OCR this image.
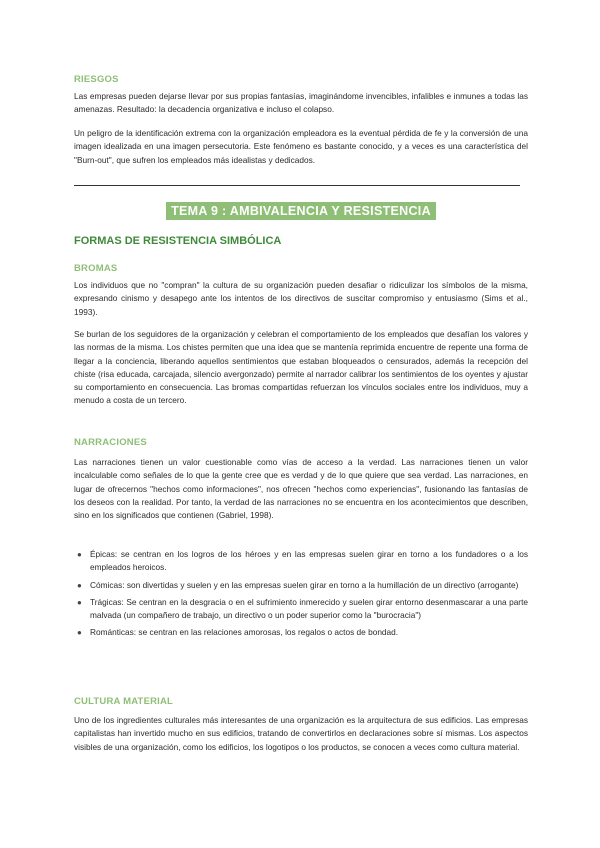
RIESGOS

Las empresas pueden dejarse llevar por sus propias fantasías, imaginándome invencibles, infalibles e inmunes a todas las amenazas. Resultado: la decadencia organizativa e incluso el colapso.

Un peligro de la identificación extrema con la organización empleadora es la eventual pérdida de fe y la conversión de una imagen idealizada en una imagen persecutoria. Este fenómeno es bastante conocido, y a veces es una característica del "Burn-out", que sufren los empleados más idealistas y dedicados.

TEMA 9 : AMBIVALENCIA Y RESISTENCIA
FORMAS DE RESISTENCIA SIMBÓLICA
BROMAS

Los individuos que no "compran" la cultura de su organización pueden desafiar o ridiculizar los símbolos de la misma, expresando cinismo y desapego ante los intentos de los directivos de suscitar compromiso y entusiasmo (Sims et al., 1993).

Se burlan de los seguidores de la organización y celebran el comportamiento de los empleados que desafían los valores y las normas de la misma. Los chistes permiten que una idea que se mantenía reprimida encuentre de repente una forma de llegar a la conciencia, liberando aquellos sentimientos que estaban bloqueados o censurados, además la recepción del chiste (risa educada, carcajada, silencio avergonzado) permite al narrador calibrar los sentimientos de los oyentes y ajustar su comportamiento en consecuencia. Las bromas compartidas refuerzan los vínculos sociales entre los individuos, muy a menudo a costa de un tercero.

NARRACIONES

Las narraciones tienen un valor cuestionable como vías de acceso a la verdad. Las narraciones tienen un valor incalculable como señales de lo que la gente cree que es verdad y de lo que quiere que sea verdad. Las narraciones, en lugar de ofrecernos "hechos como informaciones", nos ofrecen "hechos como experiencias", fusionando las fantasías de los deseos con la realidad. Por tanto, la verdad de las narraciones no se encuentra en los acontecimientos que describen, sino en los significados que contienen (Gabriel, 1998).

● Épicas: se centran en los logros de los héroes y en las empresas suelen girar en torno a los fundadores o a los empleados heroicos.
● Cómicas: son divertidas y suelen y en las empresas suelen girar en torno a la humillación de un directivo (arrogante)
● Trágicas: Se centran en la desgracia o en el sufrimiento inmerecido y suelen girar entorno desenmascarar a una parte malvada (un compañero de trabajo, un directivo o un poder superior como la "burocracia")
● Románticas: se centran en las relaciones amorosas, los regalos o actos de bondad.
CULTURA MATERIAL

Uno de los ingredientes culturales más interesantes de una organización es la arquitectura de sus edificios. Las empresas capitalistas han invertido mucho en sus edificios, tratando de convertirlos en declaraciones sobre sí mismas. Los aspectos visibles de una organización, como los edificios, los logotipos o los productos, se conocen a veces como cultura material.
